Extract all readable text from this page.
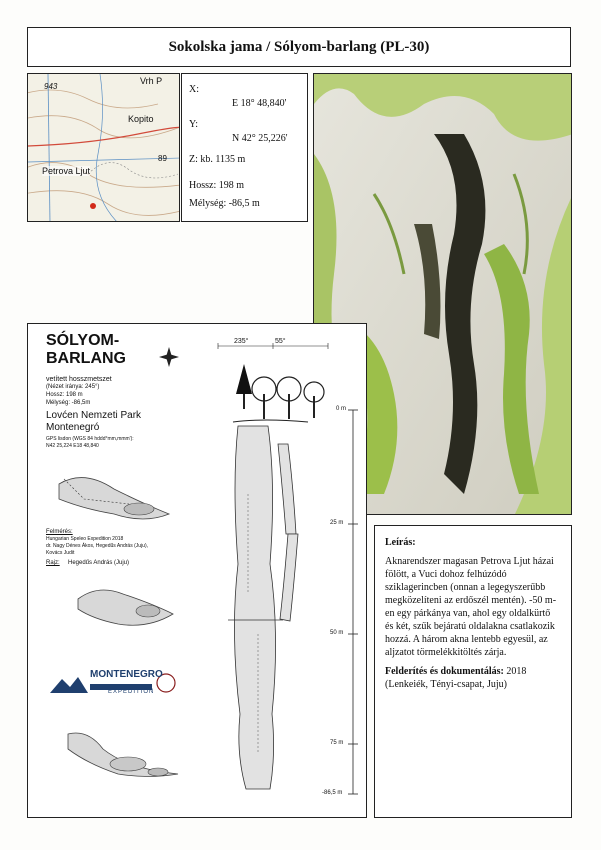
Sokolska jama / Sólyom-barlang (PL-30)
943
Vrh P
Kopito
Petrova Ljut
89
X:
E 18° 48,840'
Y:
N 42° 25,226'
Z: kb. 1135 m
Hossz: 198 m
Mélység: -86,5 m
SÓLYOM-
BARLANG
vetített hosszmetszet
(Nézet iránya: 245°)
Hossz: 198 m
Mélység: -86,5m
Lovćen Nemzeti Park
Montenegró
GPS lisdon (WGS 84 hddd°mm,mmm'):
N42 25,224 E18 48,840
Felmérés:
Hungarian Speleo Expedition 2018
dr. Nagy Dénes Ákos, Hegedűs András (Juju),
Kovács Judit
Rajz: Hegedűs András (Juju)
MONTENEGRO
EXPEDITION
235°	55°
0 m
25 m
50 m
75 m
-86,5 m

Leírás:

Aknarendszer magasan Petrova Ljut házai fölött, a Vuci dohoz felhúzódó sziklagerincben (onnan a legegyszerűbb megközelíteni az erdőszél mentén). -50 m-en egy párkánya van, ahol egy oldalkürtő és két, szűk bejáratú oldalakna csatlakozik hozzá. A három akna lentebb egyesül, az aljzatot törmelékkitöltés zárja.

Felderítés és dokumentálás: 2018 (Lenkeiék, Tényi-csapat, Juju)
